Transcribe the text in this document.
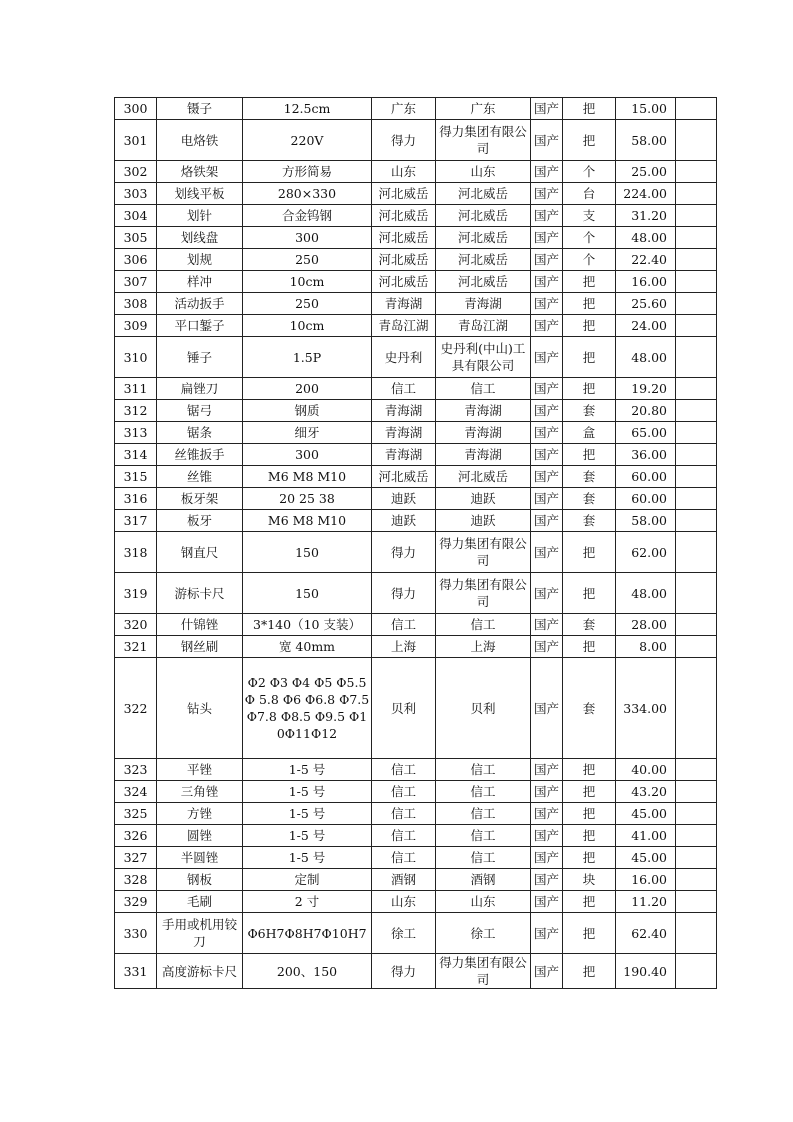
300	镊子	12.5cm	广东	广东	国产	把	15.00	
301	电烙铁	220V	得力	得力集团有限公司	国产	把	58.00	
302	烙铁架	方形简易	山东	山东	国产	个	25.00	
303	划线平板	280×330	河北威岳	河北威岳	国产	台	224.00	
304	划针	合金钨钢	河北威岳	河北威岳	国产	支	31.20	
305	划线盘	300	河北威岳	河北威岳	国产	个	48.00	
306	划规	250	河北威岳	河北威岳	国产	个	22.40	
307	样冲	10cm	河北威岳	河北威岳	国产	把	16.00	
308	活动扳手	250	青海湖	青海湖	国产	把	25.60	
309	平口錾子	10cm	青岛江湖	青岛江湖	国产	把	24.00	
310	锤子	1.5P	史丹利	史丹利(中山)工具有限公司	国产	把	48.00	
311	扁锉刀	200	信工	信工	国产	把	19.20	
312	锯弓	钢质	青海湖	青海湖	国产	套	20.80	
313	锯条	细牙	青海湖	青海湖	国产	盒	65.00	
314	丝锥扳手	300	青海湖	青海湖	国产	把	36.00	
315	丝锥	M6 M8 M10	河北威岳	河北威岳	国产	套	60.00	
316	板牙架	20 25 38	迪跃	迪跃	国产	套	60.00	
317	板牙	M6 M8 M10	迪跃	迪跃	国产	套	58.00	
318	钢直尺	150	得力	得力集团有限公司	国产	把	62.00	
319	游标卡尺	150	得力	得力集团有限公司	国产	把	48.00	
320	什锦锉	3*140（10 支装）	信工	信工	国产	套	28.00	
321	钢丝刷	宽 40mm	上海	上海	国产	把	8.00	
322	钻头	Φ2 Φ3 Φ4 Φ5 Φ5.5 Φ 5.8 Φ6 Φ6.8 Φ7.5 Φ7.8 Φ8.5 Φ9.5 Φ10Φ11Φ12	贝利	贝利	国产	套	334.00	
323	平锉	1-5 号	信工	信工	国产	把	40.00	
324	三角锉	1-5 号	信工	信工	国产	把	43.20	
325	方锉	1-5 号	信工	信工	国产	把	45.00	
326	圆锉	1-5 号	信工	信工	国产	把	41.00	
327	半圆锉	1-5 号	信工	信工	国产	把	45.00	
328	钢板	定制	酒钢	酒钢	国产	块	16.00	
329	毛刷	2 寸	山东	山东	国产	把	11.20	
330	手用或机用铰刀	Φ6H7Φ8H7Φ10H7	徐工	徐工	国产	把	62.40	
331	高度游标卡尺	200、150	得力	得力集团有限公司	国产	把	190.40	
